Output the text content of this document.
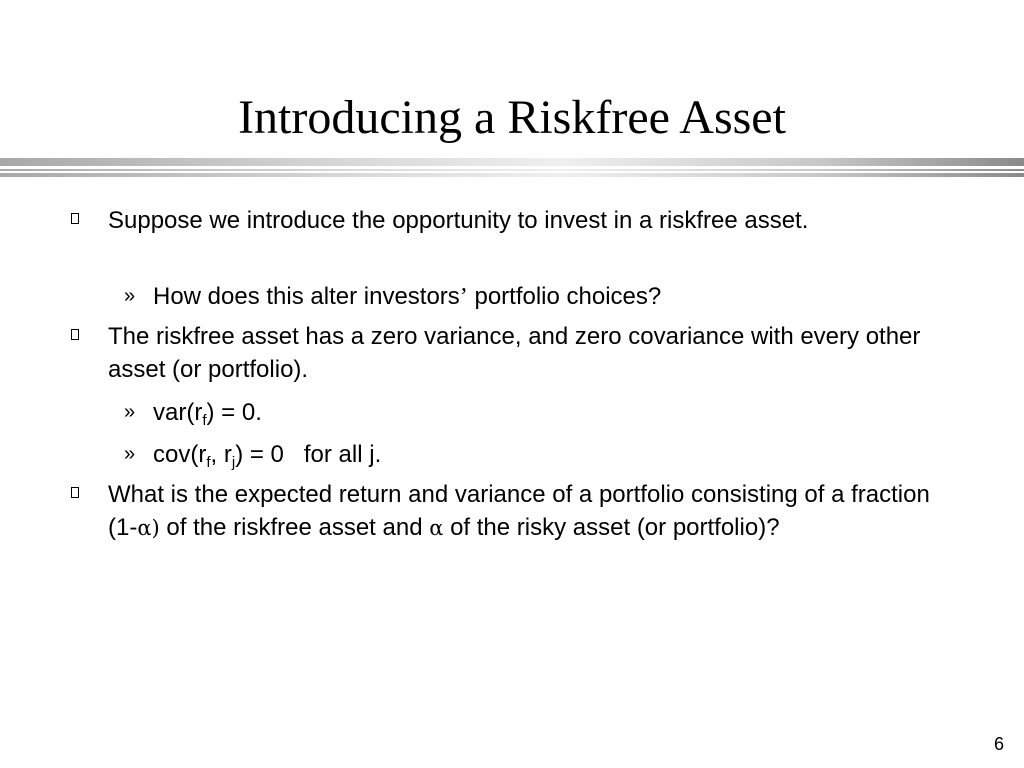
Introducing a Riskfree Asset
Suppose we introduce the opportunity to invest in a riskfree asset.
» How does this alter investors’ portfolio choices?
The riskfree asset has a zero variance, and zero covariance with every other asset (or portfolio).
» $var(r_f) = 0$.
» $cov(r_f$, $r_j) = 0$   for all j.
What is the expected return and variance of a portfolio consisting of a fraction (1-α) of the riskfree asset and α of the risky asset (or portfolio)?
6
